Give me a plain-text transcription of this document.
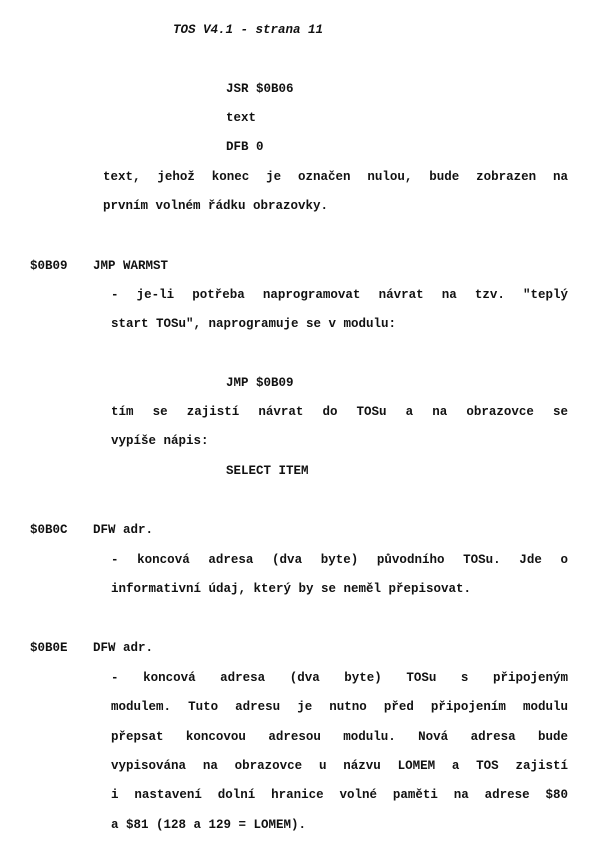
TOS V4.1 - strana 11
JSR $0B06
text
DFB 0
text, jehož konec je označen nulou, bude zobrazen na
prvním volném řádku obrazovky.
$0B09 JMP WARMST
- je-li potřeba naprogramovat návrat na tzv. "teplý
start TOSu", naprogramuje se v modulu:
JMP $0B09
tím se zajistí návrat do TOSu a na obrazovce se
vypíše nápis:
SELECT ITEM
$0B0C DFW adr.
- koncová adresa (dva byte) původního TOSu. Jde o
informativní údaj, který by se neměl přepisovat.
$0B0E DFW adr.
- koncová adresa (dva byte) TOSu s připojeným
modulem. Tuto adresu je nutno před připojením modulu
přepsat koncovou adresou modulu. Nová adresa bude
vypisována na obrazovce u názvu LOMEM a TOS zajistí
i nastavení dolní hranice volné paměti na adrese $80
a $81 (128 a 129 = LOMEM).
